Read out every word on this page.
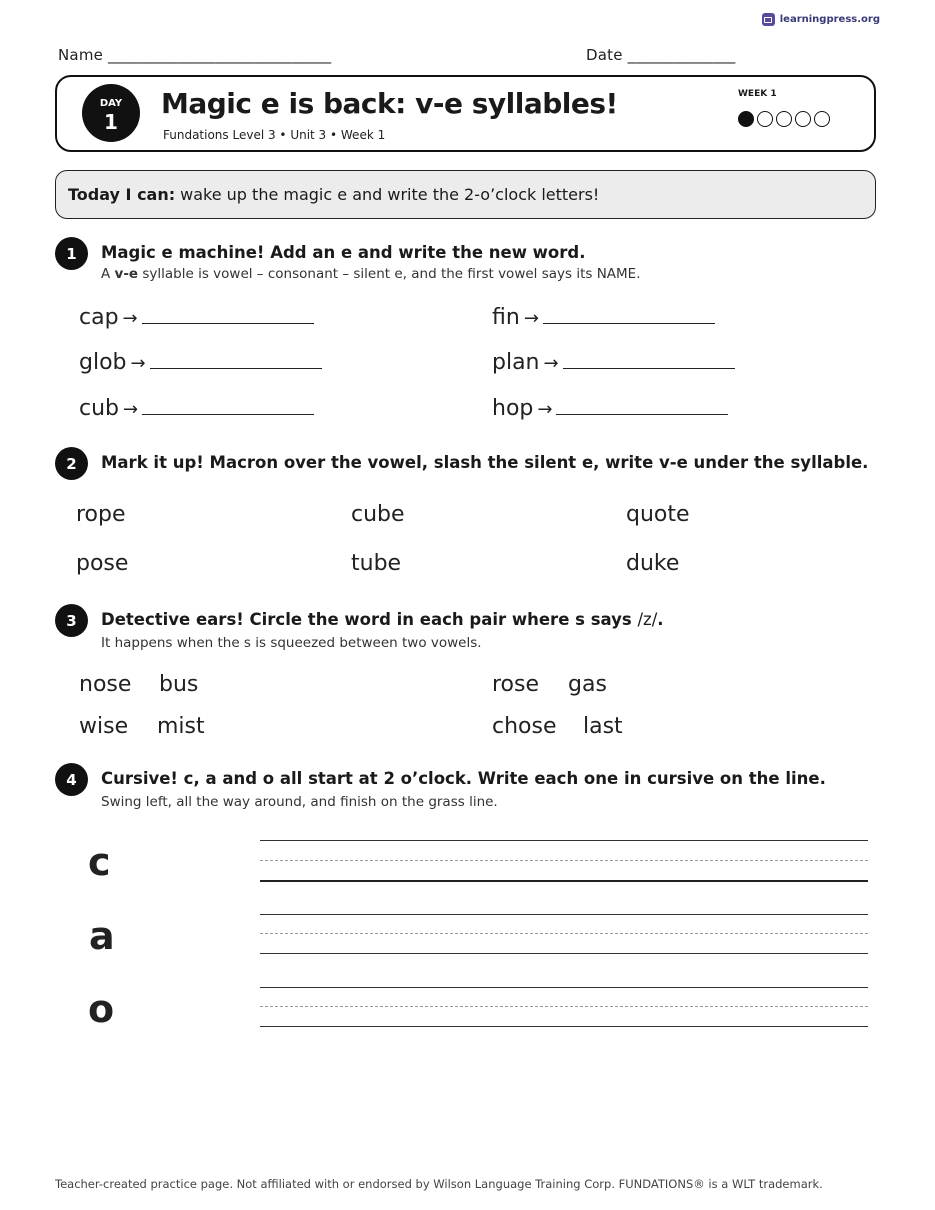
learningpress.org
Name _____________________________	Date ______________
DAY
1
Magic e is back: v-e syllables!
Fundations Level 3 • Unit 3 • Week 1
WEEK 1
Today I can: wake up the magic e and write the 2-o’clock letters!
1	Magic e machine! Add an e and write the new word.
A v-e syllable is vowel – consonant – silent e, and the first vowel says its NAME.
cap →	fin →
glob →	plan →
cub →	hop →
2	Mark it up! Macron over the vowel, slash the silent e, write v-e under the syllable.
rope	cube	quote
pose	tube	duke
3	Detective ears! Circle the word in each pair where s says /z/.
It happens when the s is squeezed between two vowels.
nose bus	rose gas
wise mist	chose last
4	Cursive! c, a and o all start at 2 o’clock. Write each one in cursive on the line.
Swing left, all the way around, and finish on the grass line.
c
a
o
Teacher-created practice page. Not affiliated with or endorsed by Wilson Language Training Corp. FUNDATIONS® is a WLT trademark.
